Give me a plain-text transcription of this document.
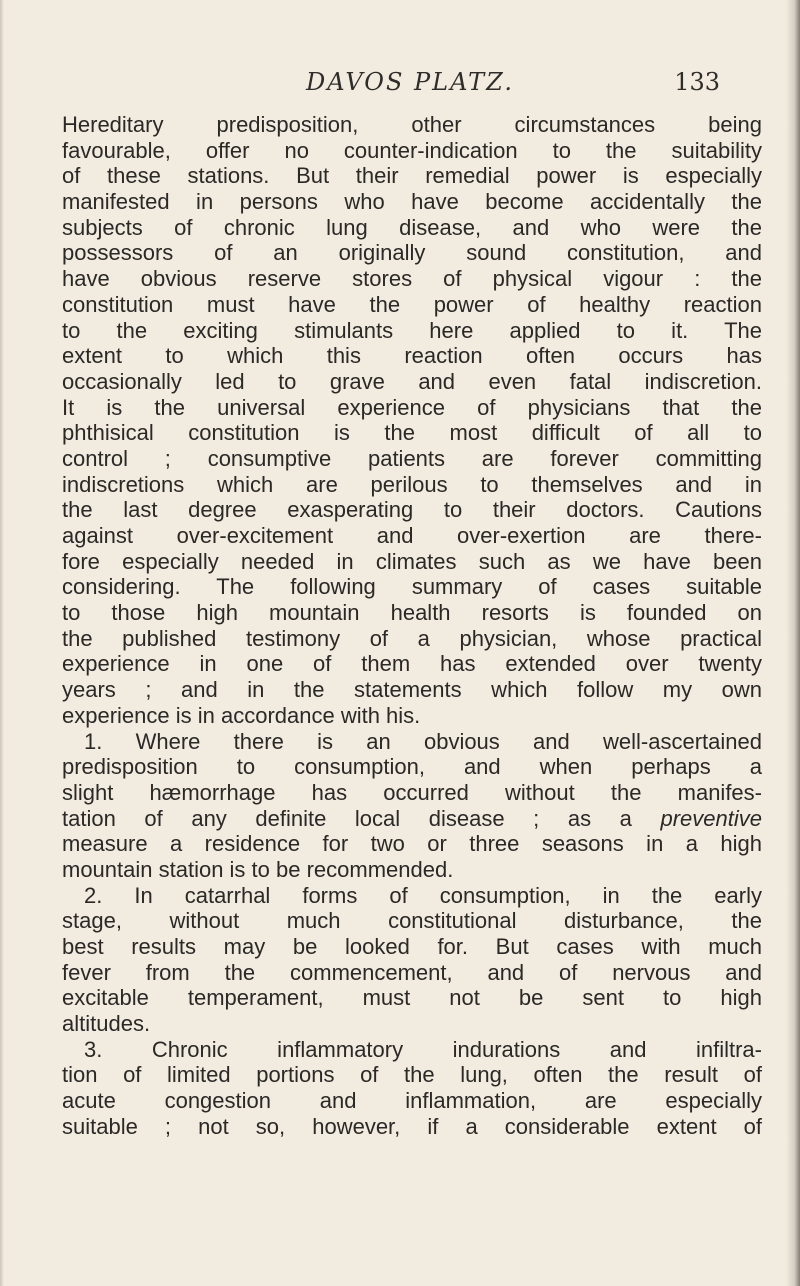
DAVOS PLATZ.	133
Hereditary predisposition, other circumstances being
favourable, offer no counter-indication to the suitability
of these stations. But their remedial power is especially
manifested in persons who have become accidentally the
subjects of chronic lung disease, and who were the
possessors of an originally sound constitution, and
have obvious reserve stores of physical vigour : the
constitution must have the power of healthy reaction
to the exciting stimulants here applied to it. The
extent to which this reaction often occurs has
occasionally led to grave and even fatal indiscretion.
It is the universal experience of physicians that the
phthisical constitution is the most difficult of all to
control ; consumptive patients are forever committing
indiscretions which are perilous to themselves and in
the last degree exasperating to their doctors. Cautions
against over-excitement and over-exertion are there-
fore especially needed in climates such as we have been
considering. The following summary of cases suitable
to those high mountain health resorts is founded on
the published testimony of a physician, whose practical
experience in one of them has extended over twenty
years ; and in the statements which follow my own
experience is in accordance with his.
1. Where there is an obvious and well-ascertained
predisposition to consumption, and when perhaps a
slight hæmorrhage has occurred without the manifes-
tation of any definite local disease ; as a preventive
measure a residence for two or three seasons in a high
mountain station is to be recommended.
2. In catarrhal forms of consumption, in the early
stage, without much constitutional disturbance, the
best results may be looked for. But cases with much
fever from the commencement, and of nervous and
excitable temperament, must not be sent to high
altitudes.
3. Chronic inflammatory indurations and infiltra-
tion of limited portions of the lung, often the result of
acute congestion and inflammation, are especially
suitable ; not so, however, if a considerable extent of
